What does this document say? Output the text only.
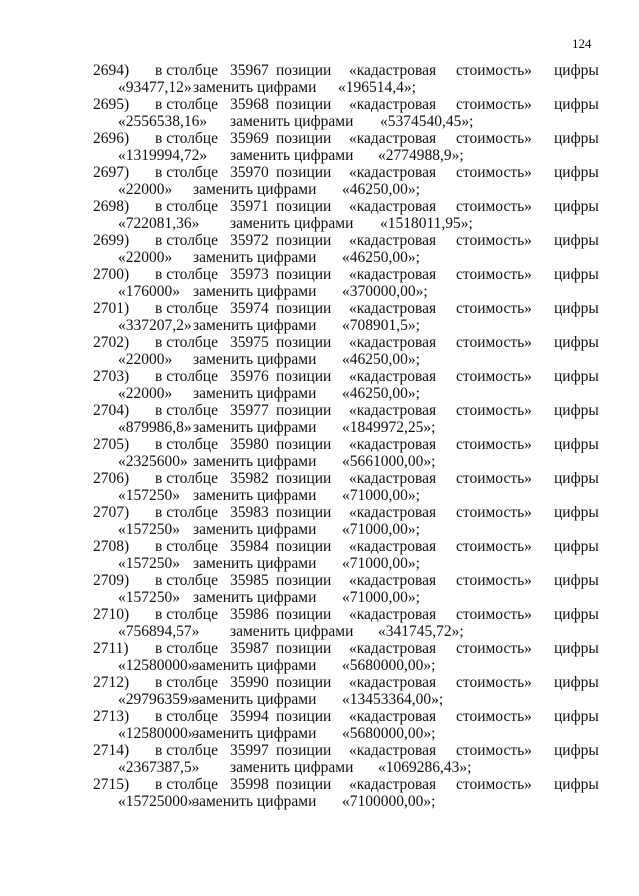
124
2694) в столбце 35967 позиции «кадастровая стоимость» цифры
«93477,12» заменить цифрами «196514,4»;
2695) в столбце 35968 позиции «кадастровая стоимость» цифры
«2556538,16» заменить цифрами «5374540,45»;
2696) в столбце 35969 позиции «кадастровая стоимость» цифры
«1319994,72» заменить цифрами «2774988,9»;
2697) в столбце 35970 позиции «кадастровая стоимость» цифры
«22000» заменить цифрами «46250,00»;
2698) в столбце 35971 позиции «кадастровая стоимость» цифры
«722081,36» заменить цифрами «1518011,95»;
2699) в столбце 35972 позиции «кадастровая стоимость» цифры
«22000» заменить цифрами «46250,00»;
2700) в столбце 35973 позиции «кадастровая стоимость» цифры
«176000» заменить цифрами «370000,00»;
2701) в столбце 35974 позиции «кадастровая стоимость» цифры
«337207,2» заменить цифрами «708901,5»;
2702) в столбце 35975 позиции «кадастровая стоимость» цифры
«22000» заменить цифрами «46250,00»;
2703) в столбце 35976 позиции «кадастровая стоимость» цифры
«22000» заменить цифрами «46250,00»;
2704) в столбце 35977 позиции «кадастровая стоимость» цифры
«879986,8» заменить цифрами «1849972,25»;
2705) в столбце 35980 позиции «кадастровая стоимость» цифры
«2325600» заменить цифрами «5661000,00»;
2706) в столбце 35982 позиции «кадастровая стоимость» цифры
«157250» заменить цифрами «71000,00»;
2707) в столбце 35983 позиции «кадастровая стоимость» цифры
«157250» заменить цифрами «71000,00»;
2708) в столбце 35984 позиции «кадастровая стоимость» цифры
«157250» заменить цифрами «71000,00»;
2709) в столбце 35985 позиции «кадастровая стоимость» цифры
«157250» заменить цифрами «71000,00»;
2710) в столбце 35986 позиции «кадастровая стоимость» цифры
«756894,57» заменить цифрами «341745,72»;
2711) в столбце 35987 позиции «кадастровая стоимость» цифры
«12580000»
заменить цифрами «5680000,00»;
2712) в столбце 35990 позиции «кадастровая стоимость» цифры
«29796359»
заменить цифрами «13453364,00»;
2713) в столбце 35994 позиции «кадастровая стоимость» цифры
«12580000»
заменить цифрами «5680000,00»;
2714) в столбце 35997 позиции «кадастровая стоимость» цифры
«2367387,5» заменить цифрами «1069286,43»;
2715) в столбце 35998 позиции «кадастровая стоимость» цифры
«15725000»
заменить цифрами «7100000,00»;
